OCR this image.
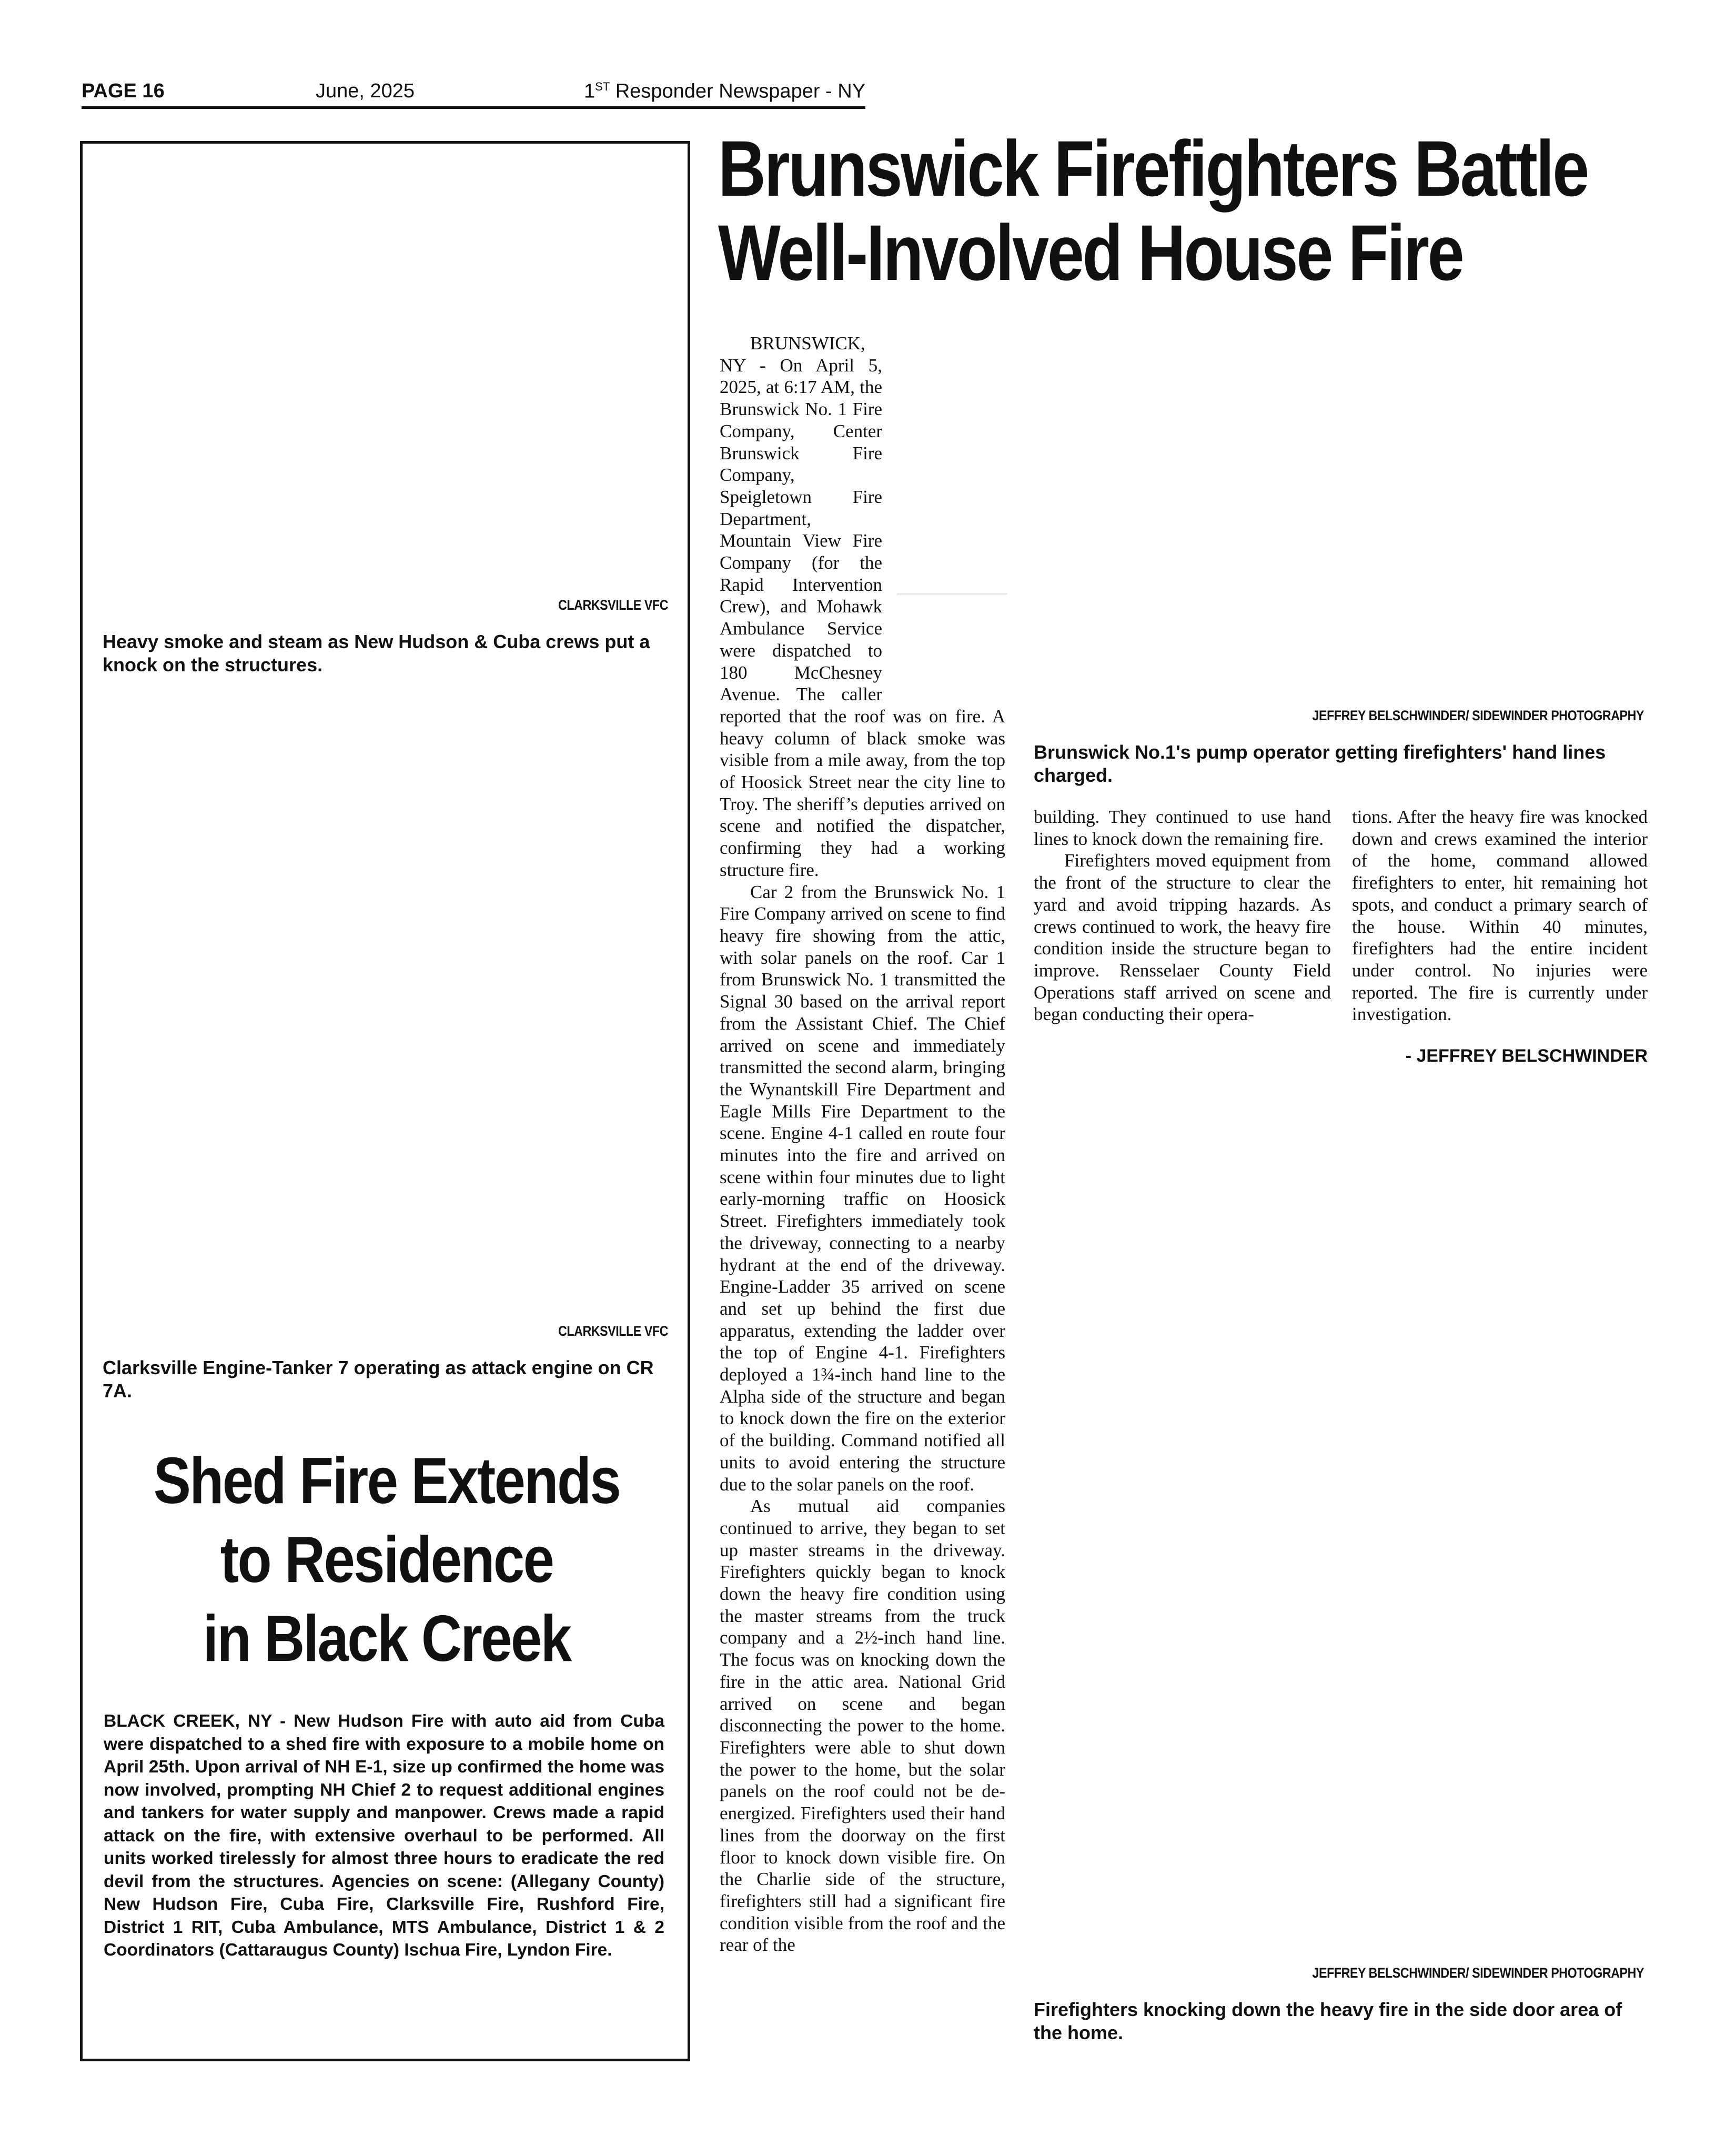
PAGE 16	June, 2025	1ST Responder Newspaper - NY
CLARKSVILLE VFC
Heavy smoke and steam as New Hudson & Cuba crews put a knock on the structures.
CLARKSVILLE VFC
Clarksville Engine-Tanker 7 operating as attack engine on CR 7A.
Shed Fire Extends
to Residence
in Black Creek
BLACK CREEK, NY - New Hudson Fire with auto aid from Cuba were dispatched to a shed fire with exposure to a mobile home on April 25th. Upon arrival of NH E-1, size up confirmed the home was now involved, prompting NH Chief 2 to request additional engines and tankers for water supply and manpower. Crews made a rapid attack on the fire, with extensive overhaul to be performed. All units worked tirelessly for almost three hours to eradicate the red devil from the structures. Agencies on scene: (Allegany County) New Hudson Fire, Cuba Fire, Clarksville Fire, Rushford Fire, District 1 RIT, Cuba Ambulance, MTS Ambulance, District 1 & 2 Coordinators (Cattaraugus County) Ischua Fire, Lyndon Fire.
Brunswick Firefighters Battle
Well-Involved House Fire

BRUNSWICK, NY - On April 5, 2025, at 6:17 AM, the Brunswick No. 1 Fire Company, Center Brunswick Fire Company, Speigletown Fire Department, Mountain View Fire Company (for the Rapid Intervention Crew), and Mohawk Ambulance Service were dispatched to 180 McChesney Avenue. The caller reported that the roof was on fire. A heavy column of black smoke was visible from a mile away, from the top of Hoosick Street near the city line to Troy. The sheriff’s deputies arrived on scene and notified the dispatcher, confirming they had a working structure fire.

Car 2 from the Brunswick No. 1 Fire Company arrived on scene to find heavy fire showing from the attic, with solar panels on the roof. Car 1 from Brunswick No. 1 transmitted the Signal 30 based on the arrival report from the Assistant Chief. The Chief arrived on scene and immediately transmitted the second alarm, bringing the Wynantskill Fire Department and Eagle Mills Fire Department to the scene. Engine 4-1 called en route four minutes into the fire and arrived on scene within four minutes due to light early-morning traffic on Hoosick Street. Firefighters immediately took the driveway, connecting to a nearby hydrant at the end of the driveway. Engine-Ladder 35 arrived on scene and set up behind the first due apparatus, extending the ladder over the top of Engine 4-1. Firefighters deployed a 1¾-inch hand line to the Alpha side of the structure and began to knock down the fire on the exterior of the building. Command notified all units to avoid entering the structure due to the solar panels on the roof.

As mutual aid companies continued to arrive, they began to set up master streams in the driveway. Firefighters quickly began to knock down the heavy fire condition using the master streams from the truck company and a 2½-inch hand line. The focus was on knocking down the fire in the attic area. National Grid arrived on scene and began disconnecting the power to the home. Firefighters were able to shut down the power to the home, but the solar panels on the roof could not be de-energized. Firefighters used their hand lines from the doorway on the first floor to knock down visible fire. On the Charlie side of the structure, firefighters still had a significant fire condition visible from the roof and the rear of the

JEFFREY BELSCHWINDER/ SIDEWINDER PHOTOGRAPHY
Brunswick No.1's pump operator getting firefighters' hand lines charged.

building. They continued to use hand lines to knock down the remaining fire.

Firefighters moved equipment from the front of the structure to clear the yard and avoid tripping hazards. As crews continued to work, the heavy fire condition inside the structure began to improve. Rensselaer County Field Operations staff arrived on scene and began conducting their opera-

tions. After the heavy fire was knocked down and crews examined the interior of the home, command allowed firefighters to enter, hit remaining hot spots, and conduct a primary search of the house. Within 40 minutes, firefighters had the entire incident under control. No injuries were reported. The fire is currently under investigation.

- JEFFREY BELSCHWINDER
JEFFREY BELSCHWINDER/ SIDEWINDER PHOTOGRAPHY
Firefighters knocking down the heavy fire in the side door area of the home.
